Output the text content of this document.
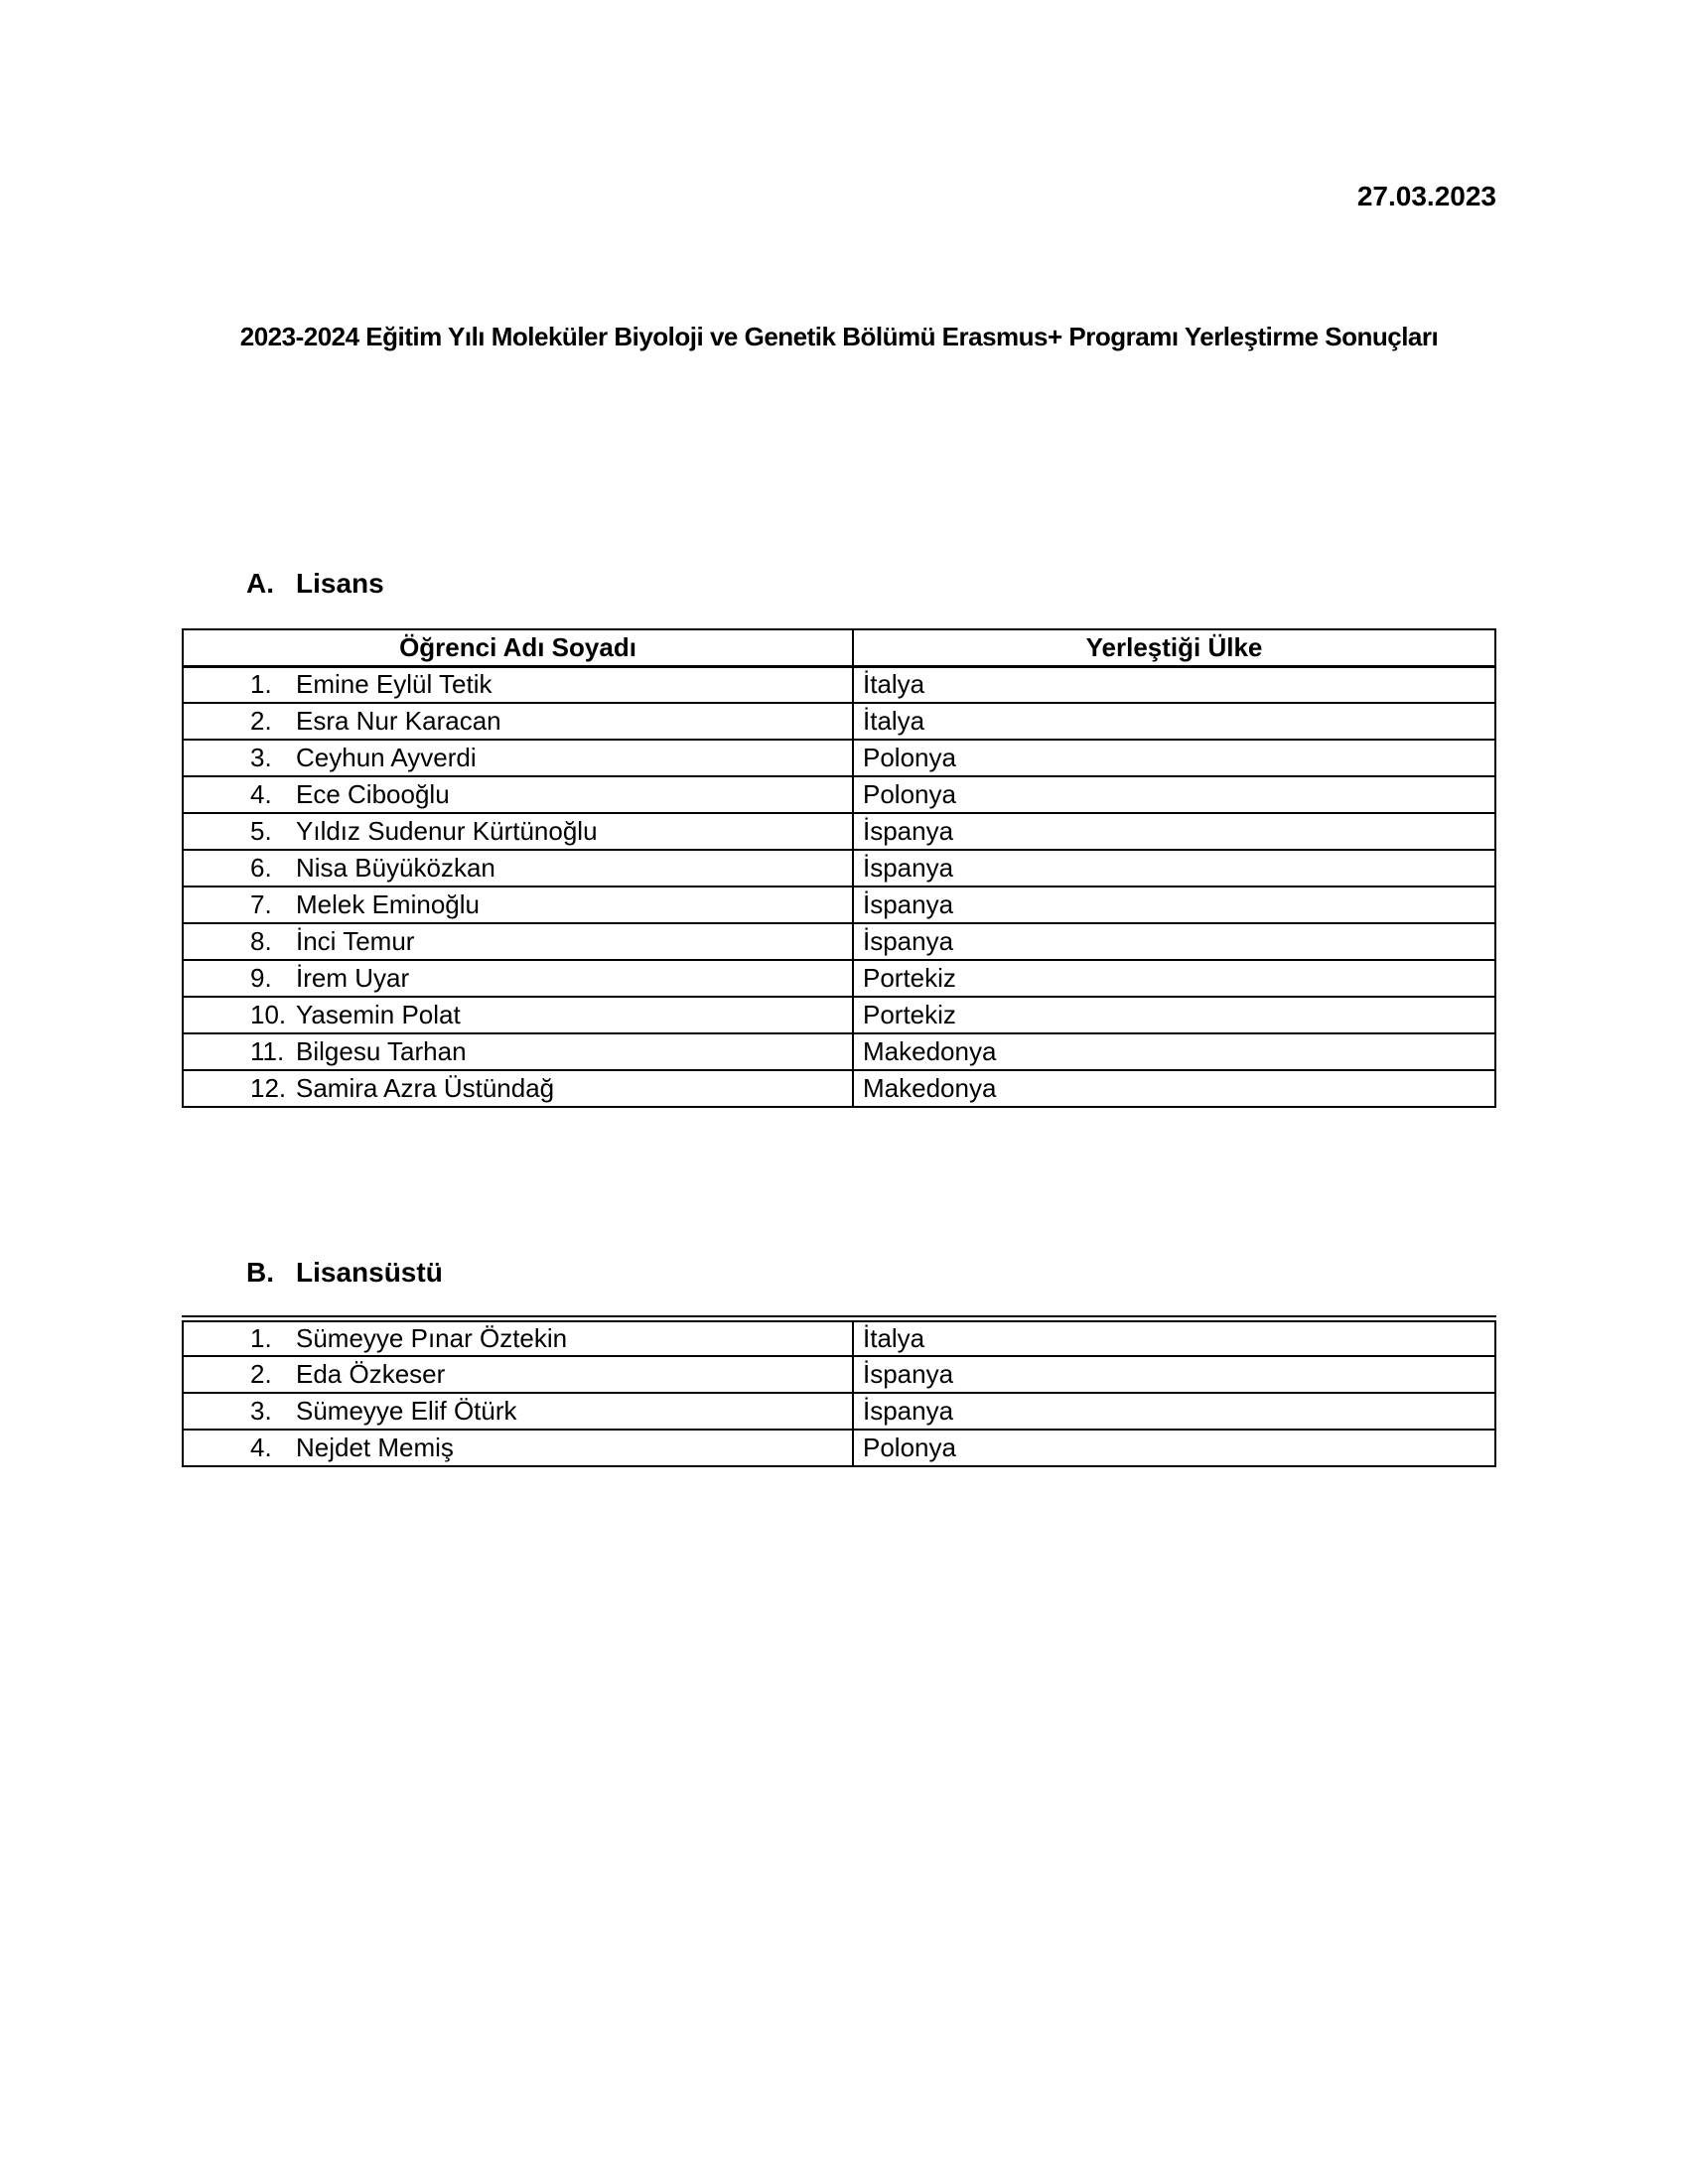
27.03.2023
2023-2024 Eğitim Yılı Moleküler Biyoloji ve Genetik Bölümü Erasmus+ Programı Yerleştirme Sonuçları
A. Lisans
Öğrenci Adı Soyadı	Yerleştiği Ülke
1. Emine Eylül Tetik	İtalya
2. Esra Nur Karacan	İtalya
3. Ceyhun Ayverdi	Polonya
4. Ece Cibooğlu	Polonya
5. Yıldız Sudenur Kürtünoğlu	İspanya
6. Nisa Büyüközkan	İspanya
7. Melek Eminoğlu	İspanya
8. İnci Temur	İspanya
9. İrem Uyar	Portekiz
10. Yasemin Polat	Portekiz
11. Bilgesu Tarhan	Makedonya
12. Samira Azra Üstündağ	Makedonya
B. Lisansüstü
1. Sümeyye Pınar Öztekin	İtalya
2. Eda Özkeser	İspanya
3. Sümeyye Elif Ötürk	İspanya
4. Nejdet Memiş	Polonya
